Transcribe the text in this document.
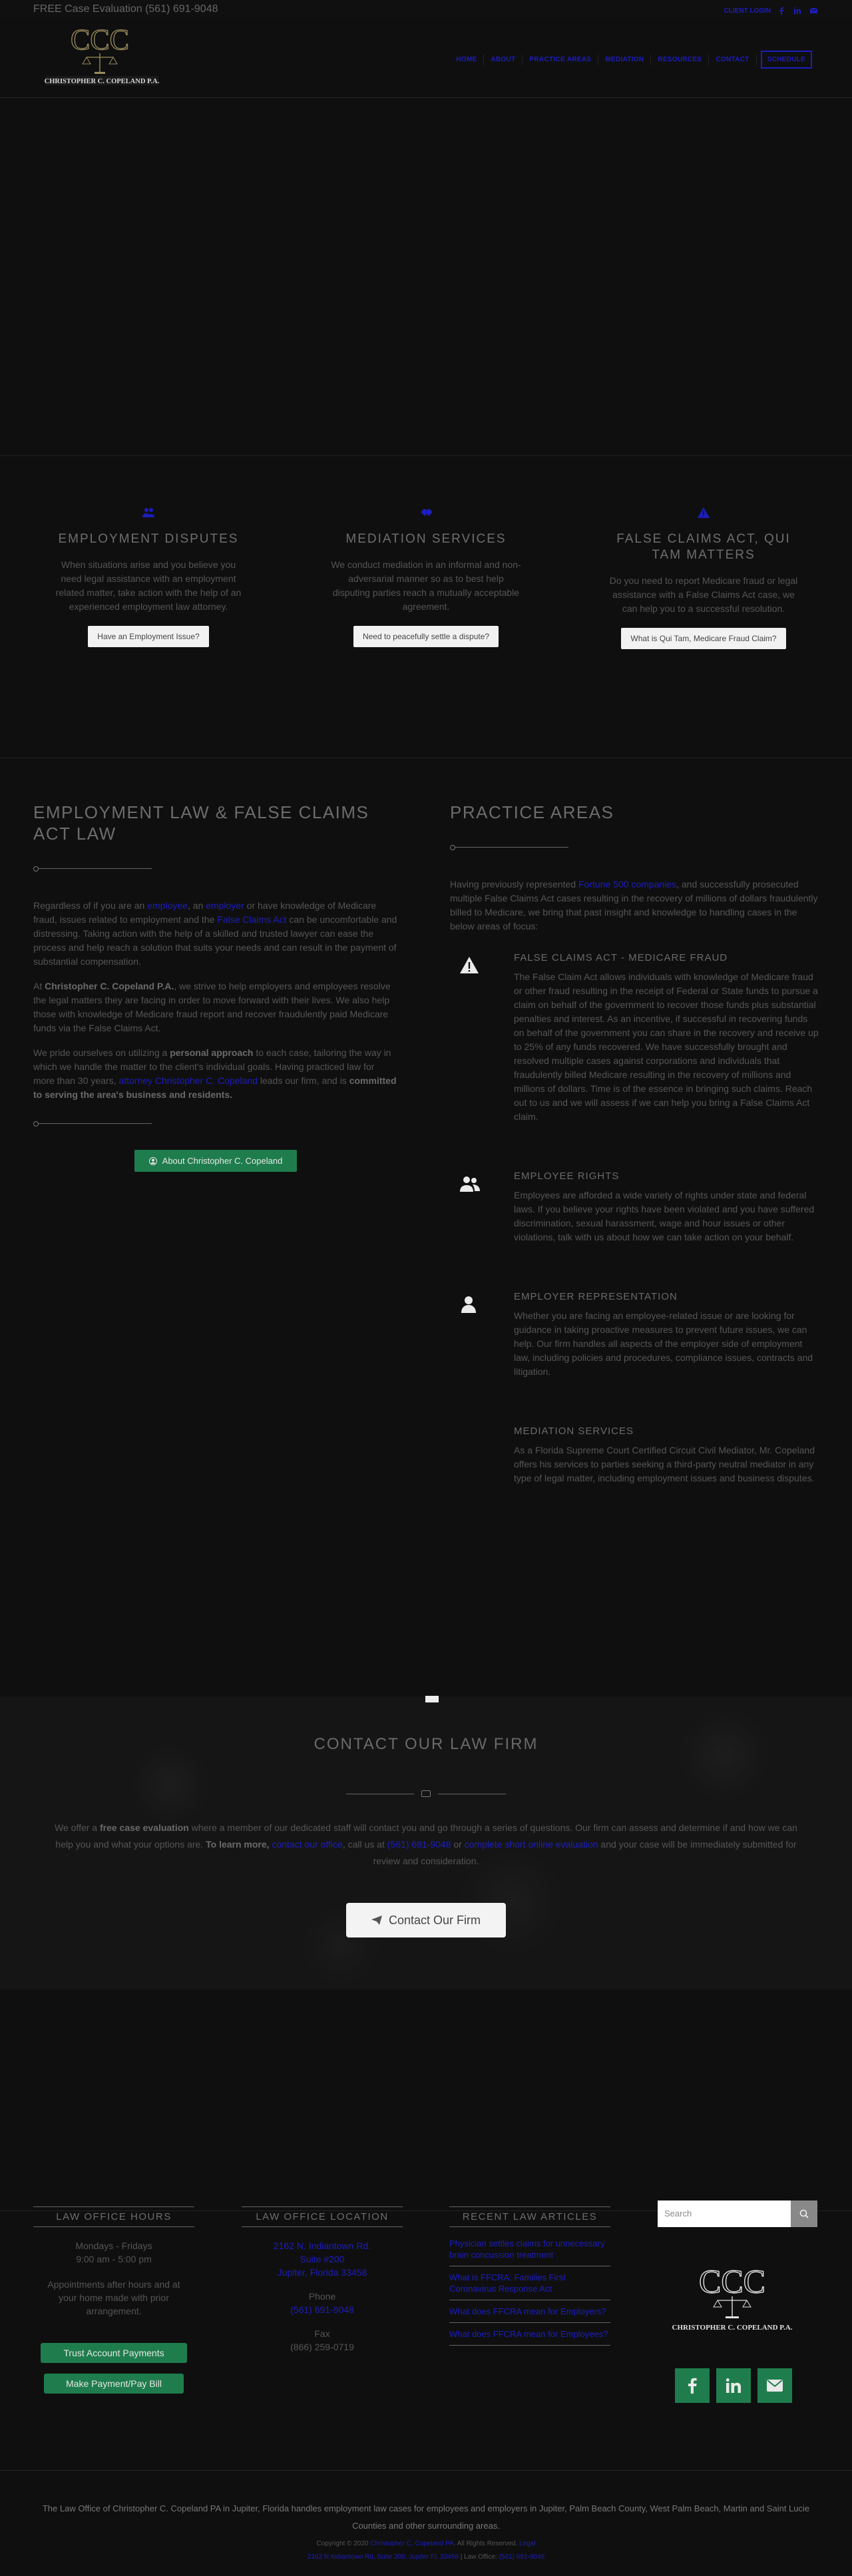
FREE Case Evaluation (561) 691-9048	CLIENT LOGIN
CCC
CHRISTOPHER C. COPELAND P.A.
HOME	ABOUT	PRACTICE AREAS	MEDIATION	RESOURCES	CONTACT	SCHEDULE
EMPLOYMENT DISPUTES

When situations arise and you believe you need legal assistance with an employment related matter, take action with the help of an experienced employment law attorney.

Have an Employment Issue?
MEDIATION SERVICES

We conduct mediation in an informal and non-adversarial manner so as to best help disputing parties reach a mutually acceptable agreement.

Need to peacefully settle a dispute?
FALSE CLAIMS ACT, QUI TAM MATTERS

Do you need to report Medicare fraud or legal assistance with a False Claims Act case, we can help you to a successful resolution.

What is Qui Tam, Medicare Fraud Claim?
EMPLOYMENT LAW & FALSE CLAIMS ACT LAW

Regardless of if you are an employee, an employer or have knowledge of Medicare fraud, issues related to employment and the False Claims Act can be uncomfortable and distressing. Taking action with the help of a skilled and trusted lawyer can ease the process and help reach a solution that suits your needs and can result in the payment of substantial compensation.

At Christopher C. Copeland P.A., we strive to help employers and employees resolve the legal matters they are facing in order to move forward with their lives. We also help those with knowledge of Medicare fraud report and recover fraudulently paid Medicare funds via the False Claims Act.

We pride ourselves on utilizing a personal approach to each case, tailoring the way in which we handle the matter to the client's individual goals. Having practiced law for more than 30 years, attorney Christopher C. Copeland leads our firm, and is committed to serving the area's business and residents.

About Christopher C. Copeland
PRACTICE AREAS

Having previously represented Fortune 500 companies, and successfully prosecuted multiple False Claims Act cases resulting in the recovery of millions of dollars fraudulently billed to Medicare, we bring that past insight and knowledge to handling cases in the below areas of focus:

FALSE CLAIMS ACT - MEDICARE FRAUD

The False Claim Act allows individuals with knowledge of Medicare fraud or other fraud resulting in the receipt of Federal or State funds to pursue a claim on behalf of the government to recover those funds plus substantial penalties and interest. As an incentive, if successful in recovering funds on behalf of the government you can share in the recovery and receive up to 25% of any funds recovered. We have successfully brought and resolved multiple cases against corporations and individuals that fraudulently billed Medicare resulting in the recovery of millions and millions of dollars. Time is of the essence in bringing such claims. Reach out to us and we will assess if we can help you bring a False Claims Act claim.

EMPLOYEE RIGHTS

Employees are afforded a wide variety of rights under state and federal laws. If you believe your rights have been violated and you have suffered discrimination, sexual harassment, wage and hour issues or other violations, talk with us about how we can take action on your behalf.

EMPLOYER REPRESENTATION

Whether you are facing an employee-related issue or are looking for guidance in taking proactive measures to prevent future issues, we can help. Our firm handles all aspects of the employer side of employment law, including policies and procedures, compliance issues, contracts and litigation.

MEDIATION SERVICES

As a Florida Supreme Court Certified Circuit Civil Mediator, Mr. Copeland offers his services to parties seeking a third-party neutral mediator in any type of legal matter, including employment issues and business disputes.

CONTACT OUR LAW FIRM
We offer a free case evaluation where a member of our dedicated staff will contact you and go through a series of questions. Our firm can assess and determine if and how we can help you and what your options are. To learn more, contact our office, call us at (561) 691-9048 or complete short online evaluation and your case will be immediately submitted for review and consideration.
Contact Our Firm
LAW OFFICE HOURS
Mondays - Fridays
9:00 am - 5:00 pm
Appointments after hours and at your home made with prior arrangement.
Trust Account Payments
Make Payment/Pay Bill
LAW OFFICE LOCATION
2162 N. Indiantown Rd.
Suite #200
Jupiter, Florida 33458
Phone
(561) 691-9048
Fax
(866) 259-0719
RECENT LAW ARTICLES
Physician settles claims for unnecessary brain concussion treatment
What is FFCRA: Families First Coronavirus Response Act
What does FFCRA mean for Employers?
What does FFCRA mean for Employees?
Search
CCC
CHRISTOPHER C. COPELAND P.A.
The Law Office of Christopher C. Copeland PA in Jupiter, Florida handles employment law cases for employees and employers in Jupiter, Palm Beach County, West Palm Beach, Martin and Saint Lucie Counties and other surrounding areas.
Copyright © 2020 Christopher C. Copeland PA. All Rights Reserved. Legal
2162 N Indiantown Rd, Suite 200, Jupiter FL 33458 | Law Office: (561) 691-9048
